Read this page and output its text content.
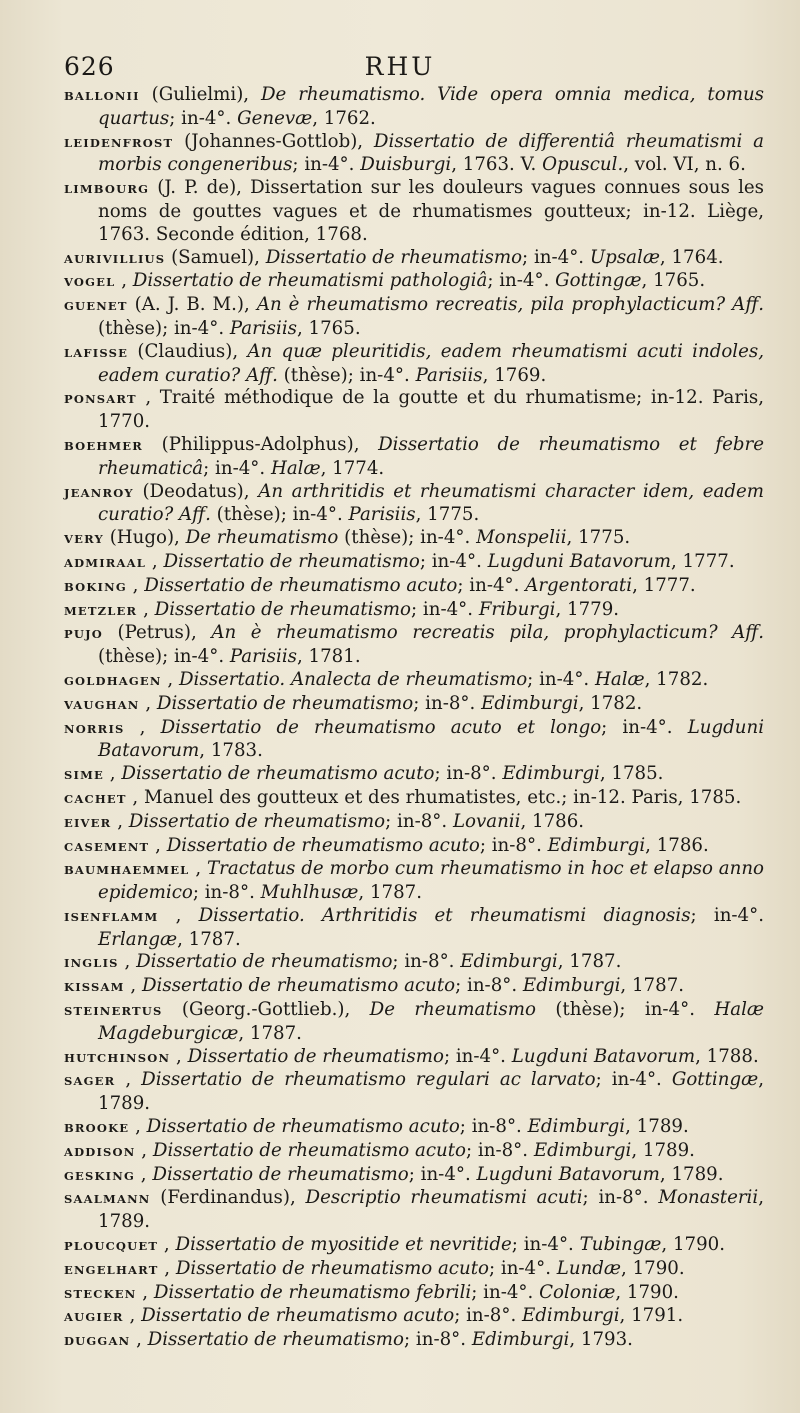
626	RHU
BALLONII (Gulielmi), De rheumatismo. Vide opera omnia medica, tomus quartus; in-4°. Genevæ, 1762.
LEIDENFROST (Johannes-Gottlob), Dissertatio de differentiâ rheumatismi a morbis congeneribus; in-4°. Duisburgi, 1763. V. Opuscul., vol. VI, n. 6.
LIMBOURG (J. P. de), Dissertation sur les douleurs vagues connues sous les noms de gouttes vagues et de rhumatismes goutteux; in-12. Liège, 1763. Seconde édition, 1768.
AURIVILLIUS (Samuel), Dissertatio de rheumatismo; in-4°. Upsalæ, 1764.
VOGEL , Dissertatio de rheumatismi pathologiâ; in-4°. Gottingæ, 1765.
GUENET (A. J. B. M.), An è rheumatismo recreatis, pila prophylacticum? Aff. (thèse); in-4°. Parisiis, 1765.
LAFISSE (Claudius), An quæ pleuritidis, eadem rheumatismi acuti indoles, eadem curatio? Aff. (thèse); in-4°. Parisiis, 1769.
PONSART , Traité méthodique de la goutte et du rhumatisme; in-12. Paris, 1770.
BOEHMER (Philippus-Adolphus), Dissertatio de rheumatismo et febre rheumaticâ; in-4°. Halæ, 1774.
JEANROY (Deodatus), An arthritidis et rheumatismi character idem, eadem curatio? Aff. (thèse); in-4°. Parisiis, 1775.
VERY (Hugo), De rheumatismo (thèse); in-4°. Monspelii, 1775.
ADMIRAAL , Dissertatio de rheumatismo; in-4°. Lugduni Batavorum, 1777.
BOKING , Dissertatio de rheumatismo acuto; in-4°. Argentorati, 1777.
METZLER , Dissertatio de rheumatismo; in-4°. Friburgi, 1779.
PUJO (Petrus), An è rheumatismo recreatis pila, prophylacticum? Aff. (thèse); in-4°. Parisiis, 1781.
GOLDHAGEN , Dissertatio. Analecta de rheumatismo; in-4°. Halæ, 1782.
VAUGHAN , Dissertatio de rheumatismo; in-8°. Edimburgi, 1782.
NORRIS , Dissertatio de rheumatismo acuto et longo; in-4°. Lugduni Batavorum, 1783.
SIME , Dissertatio de rheumatismo acuto; in-8°. Edimburgi, 1785.
CACHET , Manuel des goutteux et des rhumatistes, etc.; in-12. Paris, 1785.
EIVER , Dissertatio de rheumatismo; in-8°. Lovanii, 1786.
CASEMENT , Dissertatio de rheumatismo acuto; in-8°. Edimburgi, 1786.
BAUMHAEMMEL , Tractatus de morbo cum rheumatismo in hoc et elapso anno epidemico; in-8°. Muhlhusæ, 1787.
ISENFLAMM , Dissertatio. Arthritidis et rheumatismi diagnosis; in-4°. Erlangæ, 1787.
INGLIS , Dissertatio de rheumatismo; in-8°. Edimburgi, 1787.
KISSAM , Dissertatio de rheumatismo acuto; in-8°. Edimburgi, 1787.
STEINERTUS (Georg.-Gottlieb.), De rheumatismo (thèse); in-4°. Halæ Magdeburgicæ, 1787.
HUTCHINSON , Dissertatio de rheumatismo; in-4°. Lugduni Batavorum, 1788.
SAGER , Dissertatio de rheumatismo regulari ac larvato; in-4°. Gottingæ, 1789.
BROOKE , Dissertatio de rheumatismo acuto; in-8°. Edimburgi, 1789.
ADDISON , Dissertatio de rheumatismo acuto; in-8°. Edimburgi, 1789.
GESKING , Dissertatio de rheumatismo; in-4°. Lugduni Batavorum, 1789.
SAALMANN (Ferdinandus), Descriptio rheumatismi acuti; in-8°. Monasterii, 1789.
PLOUCQUET , Dissertatio de myositide et nevritide; in-4°. Tubingæ, 1790.
ENGELHART , Dissertatio de rheumatismo acuto; in-4°. Lundæ, 1790.
STECKEN , Dissertatio de rheumatismo febrili; in-4°. Coloniæ, 1790.
AUGIER , Dissertatio de rheumatismo acuto; in-8°. Edimburgi, 1791.
DUGGAN , Dissertatio de rheumatismo; in-8°. Edimburgi, 1793.
